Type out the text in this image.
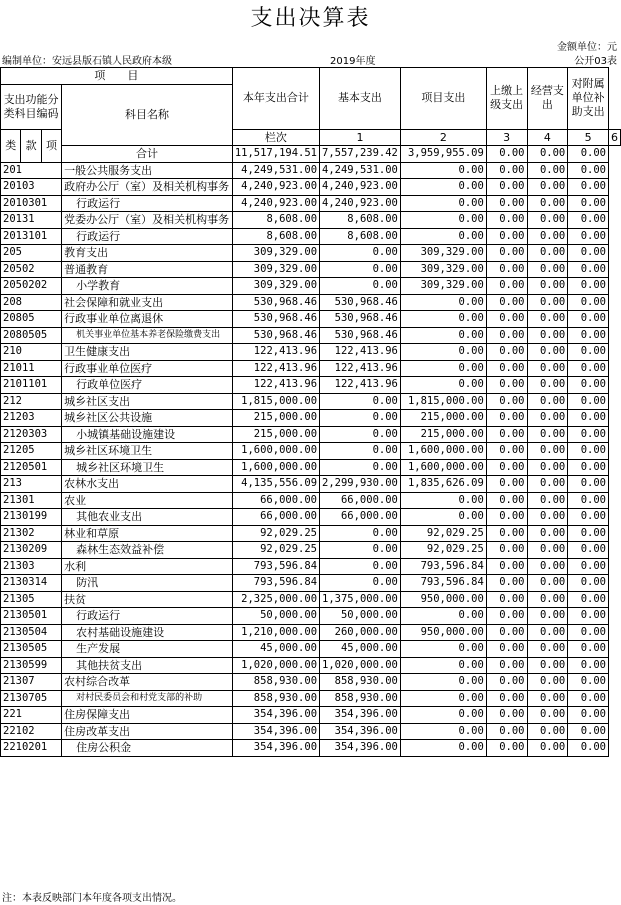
支出决算表
金额单位：元
编制单位：安远县版石镇人民政府本级	2019年度	公开03表
项　　目				本年支出合计	基本支出	项目支出	上缴上级支出	经营支出	对附属单位补助支出	
支出功能分类科目编码			科目名称							
类	款	项								
				栏次	1	2	3	4	5	6
			合计	11,517,194.51	7,557,239.42	3,959,955.09	0.00	0.00	0.00	
201			一般公共服务支出	4,249,531.00	4,249,531.00	0.00	0.00	0.00	0.00	
20103			政府办公厅（室）及相关机构事务	4,240,923.00	4,240,923.00	0.00	0.00	0.00	0.00	
2010301			行政运行	4,240,923.00	4,240,923.00	0.00	0.00	0.00	0.00	
20131			党委办公厅（室）及相关机构事务	8,608.00	8,608.00	0.00	0.00	0.00	0.00	
2013101			行政运行	8,608.00	8,608.00	0.00	0.00	0.00	0.00	
205			教育支出	309,329.00	0.00	309,329.00	0.00	0.00	0.00	
20502			普通教育	309,329.00	0.00	309,329.00	0.00	0.00	0.00	
2050202			小学教育	309,329.00	0.00	309,329.00	0.00	0.00	0.00	
208			社会保障和就业支出	530,968.46	530,968.46	0.00	0.00	0.00	0.00	
20805			行政事业单位离退休	530,968.46	530,968.46	0.00	0.00	0.00	0.00	
2080505			机关事业单位基本养老保险缴费支出	530,968.46	530,968.46	0.00	0.00	0.00	0.00	
210			卫生健康支出	122,413.96	122,413.96	0.00	0.00	0.00	0.00	
21011			行政事业单位医疗	122,413.96	122,413.96	0.00	0.00	0.00	0.00	
2101101			行政单位医疗	122,413.96	122,413.96	0.00	0.00	0.00	0.00	
212			城乡社区支出	1,815,000.00	0.00	1,815,000.00	0.00	0.00	0.00	
21203			城乡社区公共设施	215,000.00	0.00	215,000.00	0.00	0.00	0.00	
2120303			小城镇基础设施建设	215,000.00	0.00	215,000.00	0.00	0.00	0.00	
21205			城乡社区环境卫生	1,600,000.00	0.00	1,600,000.00	0.00	0.00	0.00	
2120501			城乡社区环境卫生	1,600,000.00	0.00	1,600,000.00	0.00	0.00	0.00	
213			农林水支出	4,135,556.09	2,299,930.00	1,835,626.09	0.00	0.00	0.00	
21301			农业	66,000.00	66,000.00	0.00	0.00	0.00	0.00	
2130199			其他农业支出	66,000.00	66,000.00	0.00	0.00	0.00	0.00	
21302			林业和草原	92,029.25	0.00	92,029.25	0.00	0.00	0.00	
2130209			森林生态效益补偿	92,029.25	0.00	92,029.25	0.00	0.00	0.00	
21303			水利	793,596.84	0.00	793,596.84	0.00	0.00	0.00	
2130314			防汛	793,596.84	0.00	793,596.84	0.00	0.00	0.00	
21305			扶贫	2,325,000.00	1,375,000.00	950,000.00	0.00	0.00	0.00	
2130501			行政运行	50,000.00	50,000.00	0.00	0.00	0.00	0.00	
2130504			农村基础设施建设	1,210,000.00	260,000.00	950,000.00	0.00	0.00	0.00	
2130505			生产发展	45,000.00	45,000.00	0.00	0.00	0.00	0.00	
2130599			其他扶贫支出	1,020,000.00	1,020,000.00	0.00	0.00	0.00	0.00	
21307			农村综合改革	858,930.00	858,930.00	0.00	0.00	0.00	0.00	
2130705			对村民委员会和村党支部的补助	858,930.00	858,930.00	0.00	0.00	0.00	0.00	
221			住房保障支出	354,396.00	354,396.00	0.00	0.00	0.00	0.00	
22102			住房改革支出	354,396.00	354,396.00	0.00	0.00	0.00	0.00	
2210201			住房公积金	354,396.00	354,396.00	0.00	0.00	0.00	0.00	
注：本表反映部门本年度各项支出情况。
